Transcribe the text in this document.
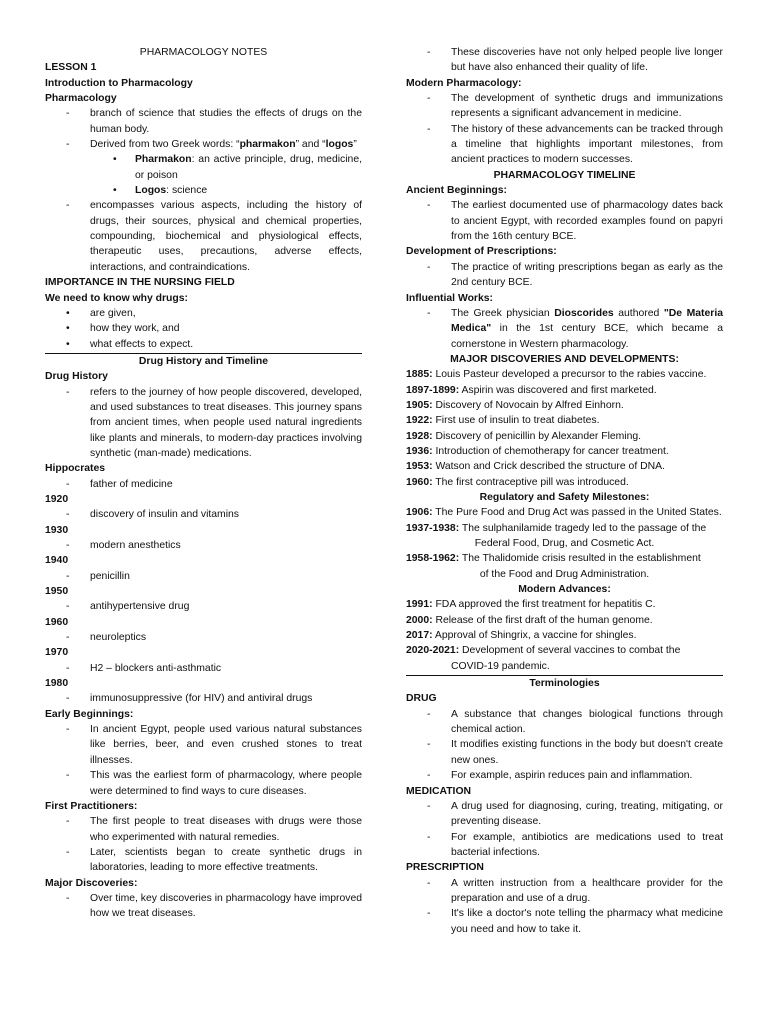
PHARMACOLOGY NOTES
LESSON 1
Introduction to Pharmacology
Pharmacology
- branch of science that studies the effects of drugs on the human body.
- Derived from two Greek words: “pharmakon” and “logos”
• Pharmakon: an active principle, drug, medicine, or poison
• Logos: science
- encompasses various aspects, including the history of drugs, their sources, physical and chemical properties, compounding, biochemical and physiological effects, therapeutic uses, precautions, adverse effects, interactions, and contraindications.
IMPORTANCE IN THE NURSING FIELD
We need to know why drugs:
• are given,
• how they work, and
• what effects to expect.
Drug History and Timeline
Drug History
- refers to the journey of how people discovered, developed, and used substances to treat diseases. This journey spans from ancient times, when people used natural ingredients like plants and minerals, to modern-day practices involving synthetic (man-made) medications.
Hippocrates
- father of medicine
1920
- discovery of insulin and vitamins
1930
- modern anesthetics
1940
- penicillin
1950
- antihypertensive drug
1960
- neuroleptics
1970
- H2 – blockers anti-asthmatic
1980
- immunosuppressive (for HIV) and antiviral drugs
Early Beginnings:
- In ancient Egypt, people used various natural substances like berries, beer, and even crushed stones to treat illnesses.
- This was the earliest form of pharmacology, where people were determined to find ways to cure diseases.
First Practitioners:
- The first people to treat diseases with drugs were those who experimented with natural remedies.
- Later, scientists began to create synthetic drugs in laboratories, leading to more effective treatments.
Major Discoveries:
- Over time, key discoveries in pharmacology have improved how we treat diseases.
- These discoveries have not only helped people live longer but have also enhanced their quality of life.
Modern Pharmacology:
- The development of synthetic drugs and immunizations represents a significant advancement in medicine.
- The history of these advancements can be tracked through a timeline that highlights important milestones, from ancient practices to modern successes.
PHARMACOLOGY TIMELINE
Ancient Beginnings:
- The earliest documented use of pharmacology dates back to ancient Egypt, with recorded examples found on papyri from the 16th century BCE.
Development of Prescriptions:
- The practice of writing prescriptions began as early as the 2nd century BCE.
Influential Works:
- The Greek physician Dioscorides authored "De Materia Medica" in the 1st century BCE, which became a cornerstone in Western pharmacology.
MAJOR DISCOVERIES AND DEVELOPMENTS:
1885: Louis Pasteur developed a precursor to the rabies vaccine.
1897-1899: Aspirin was discovered and first marketed.
1905: Discovery of Novocain by Alfred Einhorn.
1922: First use of insulin to treat diabetes.
1928: Discovery of penicillin by Alexander Fleming.
1936: Introduction of chemotherapy for cancer treatment.
1953: Watson and Crick described the structure of DNA.
1960: The first contraceptive pill was introduced.
Regulatory and Safety Milestones:
1906: The Pure Food and Drug Act was passed in the United States.
1937-1938: The sulphanilamide tragedy led to the passage of the
Federal Food, Drug, and Cosmetic Act.
1958-1962: The Thalidomide crisis resulted in the establishment
of the Food and Drug Administration.
Modern Advances:
1991: FDA approved the first treatment for hepatitis C.
2000: Release of the first draft of the human genome.
2017: Approval of Shingrix, a vaccine for shingles.
2020-2021: Development of several vaccines to combat the
COVID-19 pandemic.
Terminologies
DRUG
- A substance that changes biological functions through chemical action.
- It modifies existing functions in the body but doesn't create new ones.
- For example, aspirin reduces pain and inflammation.
MEDICATION
- A drug used for diagnosing, curing, treating, mitigating, or preventing disease.
- For example, antibiotics are medications used to treat bacterial infections.
PRESCRIPTION
- A written instruction from a healthcare provider for the preparation and use of a drug.
- It's like a doctor's note telling the pharmacy what medicine you need and how to take it.
